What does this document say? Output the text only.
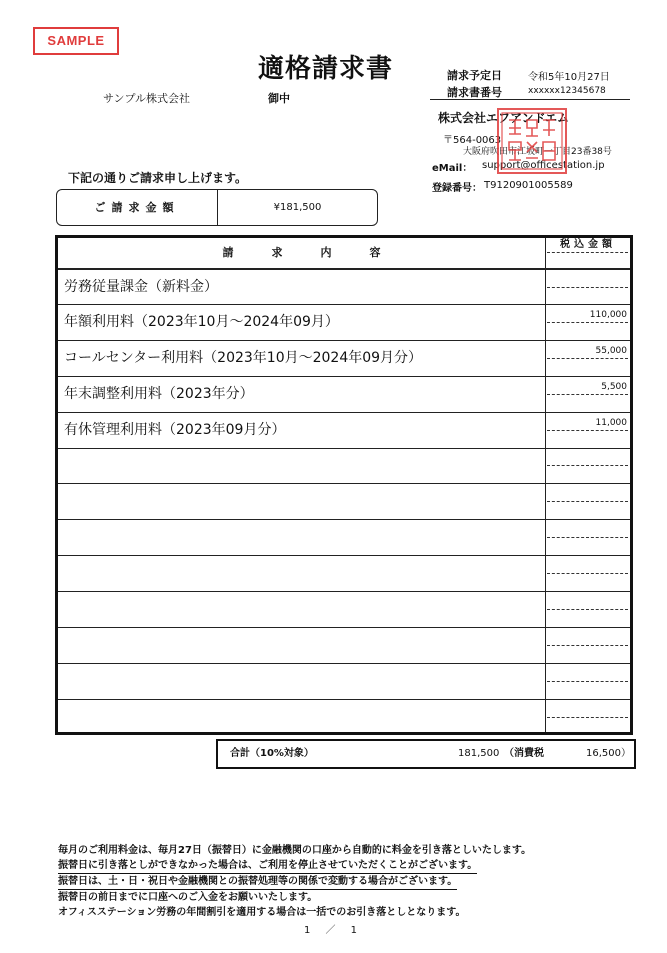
SAMPLE
適格請求書
サンプル株式会社	御中
請求予定日	令和5年10月27日
請求書番号	xxxxxx12345678
株式会社エフアンドエム
〒564-0063
大阪府吹田市江坂町一丁目23番38号
eMail： support@officestation.jp
登録番号： T9120901005589
下記の通りご請求申し上げます。
ご請求金額	¥181,500
請求内容
税込金額
労務従量課金（新料金）
年額利用料（2023年10月～2024年09月）	110,000
コールセンター利用料（2023年10月～2024年09月分）	55,000
年末調整利用料（2023年分）	5,500
有休管理利用料（2023年09月分）	11,000
合計（10%対象）	181,500 （消費税	16,500）
毎月のご利用料金は、毎月27日（振替日）に金融機関の口座から自動的に料金を引き落としいたします。
振替日に引き落としができなかった場合は、ご利用を停止させていただくことがございます。
振替日は、土・日・祝日や金融機関との振替処理等の関係で変動する場合がございます。
振替日の前日までに口座へのご入金をお願いいたします。
オフィスステーション労務の年間割引を適用する場合は一括でのお引き落としとなります。
1 ／ 1
